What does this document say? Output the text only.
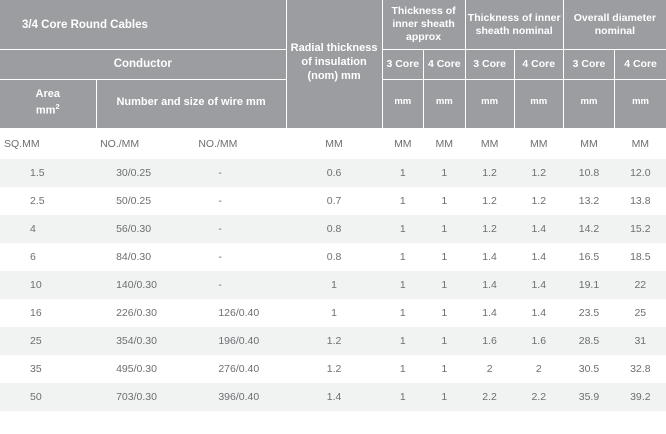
3/4 Core Round Cables			Radial thickness of insulation (nom) mm	Thickness of inner sheath approx		Thickness of inner sheath nominal		Overall diameter nominal	
Conductor				3 Core	4 Core	3 Core	4 Core	3 Core	4 Core
Area
$mm^2$	Number and size of wire mm			mm	mm	mm	mm	mm	mm
SQ.MM	NO./MM	NO./MM	MM	MM	MM	MM	MM	MM	MM
1.5	30/0.25	-	0.6	1	1	1.2	1.2	10.8	12.0
2.5	50/0.25	-	0.7	1	1	1.2	1.2	13.2	13.8
4	56/0.30	-	0.8	1	1	1.2	1.4	14.2	15.2
6	84/0.30	-	0.8	1	1	1.4	1.4	16.5	18.5
10	140/0.30	-	1	1	1	1.4	1.4	19.1	22
16	226/0.30	126/0.40	1	1	1	1.4	1.4	23.5	25
25	354/0.30	196/0.40	1.2	1	1	1.6	1.6	28.5	31
35	495/0.30	276/0.40	1.2	1	1	2	2	30.5	32.8
50	703/0.30	396/0.40	1.4	1	1	2.2	2.2	35.9	39.2
